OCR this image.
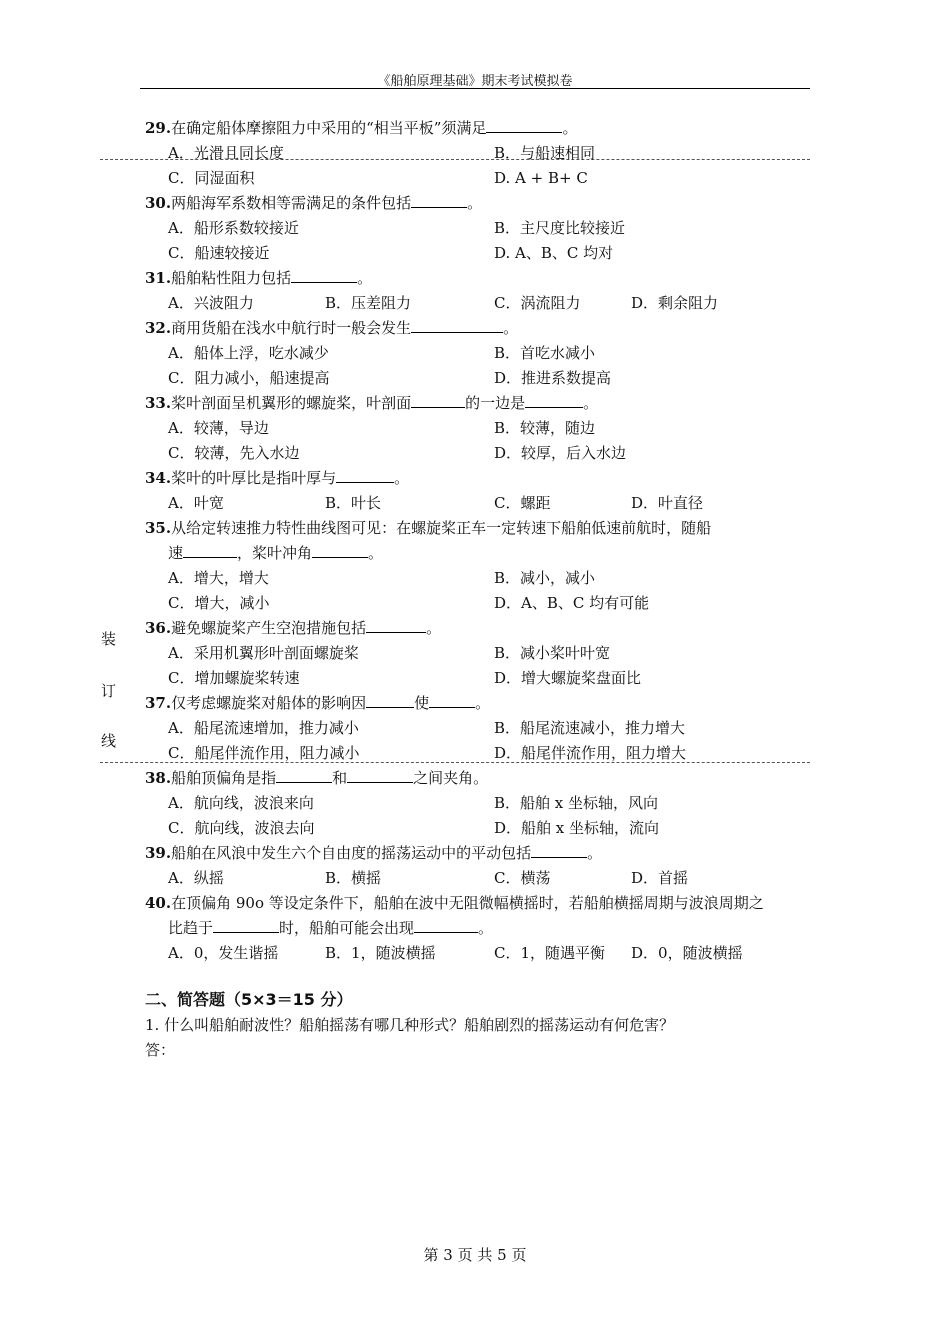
《船舶原理基础》期末考试模拟卷
装
订
线
29.在确定船体摩擦阻力中采用的“相当平板”须满足	。
A．光滑且同长度	B．与船速相同
C．同湿面积	D. A + B+ C
30.两船海军系数相等需满足的条件包括	。
A．船形系数较接近	B．主尺度比较接近
C．船速较接近	D. A、B、C 均对
31.船舶粘性阻力包括	。
A．兴波阻力	B．压差阻力	C．涡流阻力	D．剩余阻力
32.商用货船在浅水中航行时一般会发生	。
A．船体上浮，吃水减少	B．首吃水减小
C．阻力减小，船速提高	D．推进系数提高
33.桨叶剖面呈机翼形的螺旋桨，叶剖面	的一边是	。
A．较薄，导边	B．较薄，随边
C．较薄，先入水边	D．较厚，后入水边
34.桨叶的叶厚比是指叶厚与	。
A．叶宽	B．叶长	C．螺距	D．叶直径
35.从给定转速推力特性曲线图可见：在螺旋桨正车一定转速下船舶低速前航时，随船
速	，桨叶冲角	。
A．增大，增大	B．减小，减小
C．增大，减小	D．A、B、C 均有可能
36.避免螺旋桨产生空泡措施包括	。
A．采用机翼形叶剖面螺旋桨	B．减小桨叶叶宽
C．增加螺旋桨转速	D．增大螺旋桨盘面比
37.仅考虑螺旋桨对船体的影响因	使	。
A．船尾流速增加，推力减小	B．船尾流速减小，推力增大
C．船尾伴流作用，阻力减小	D．船尾伴流作用，阻力增大
38.船舶顶偏角是指	和	之间夹角。
A．航向线，波浪来向	B．船舶 x 坐标轴，风向
C．航向线，波浪去向	D．船舶 x 坐标轴，流向
39.船舶在风浪中发生六个自由度的摇荡运动中的平动包括	。
A．纵摇	B．横摇	C．横荡	D．首摇
40.在顶偏角 90o 等设定条件下，船舶在波中无阻微幅横摇时，若船舶横摇周期与波浪周期之
比趋于	时，船舶可能会出现	。
A．0，发生谐摇	B．1，随波横摇	C．1，随遇平衡 D．0，随波横摇
二、简答题（5×3＝15 分）
1. 什么叫船舶耐波性？船舶摇荡有哪几种形式？船舶剧烈的摇荡运动有何危害？
答：
第 3 页 共 5 页
